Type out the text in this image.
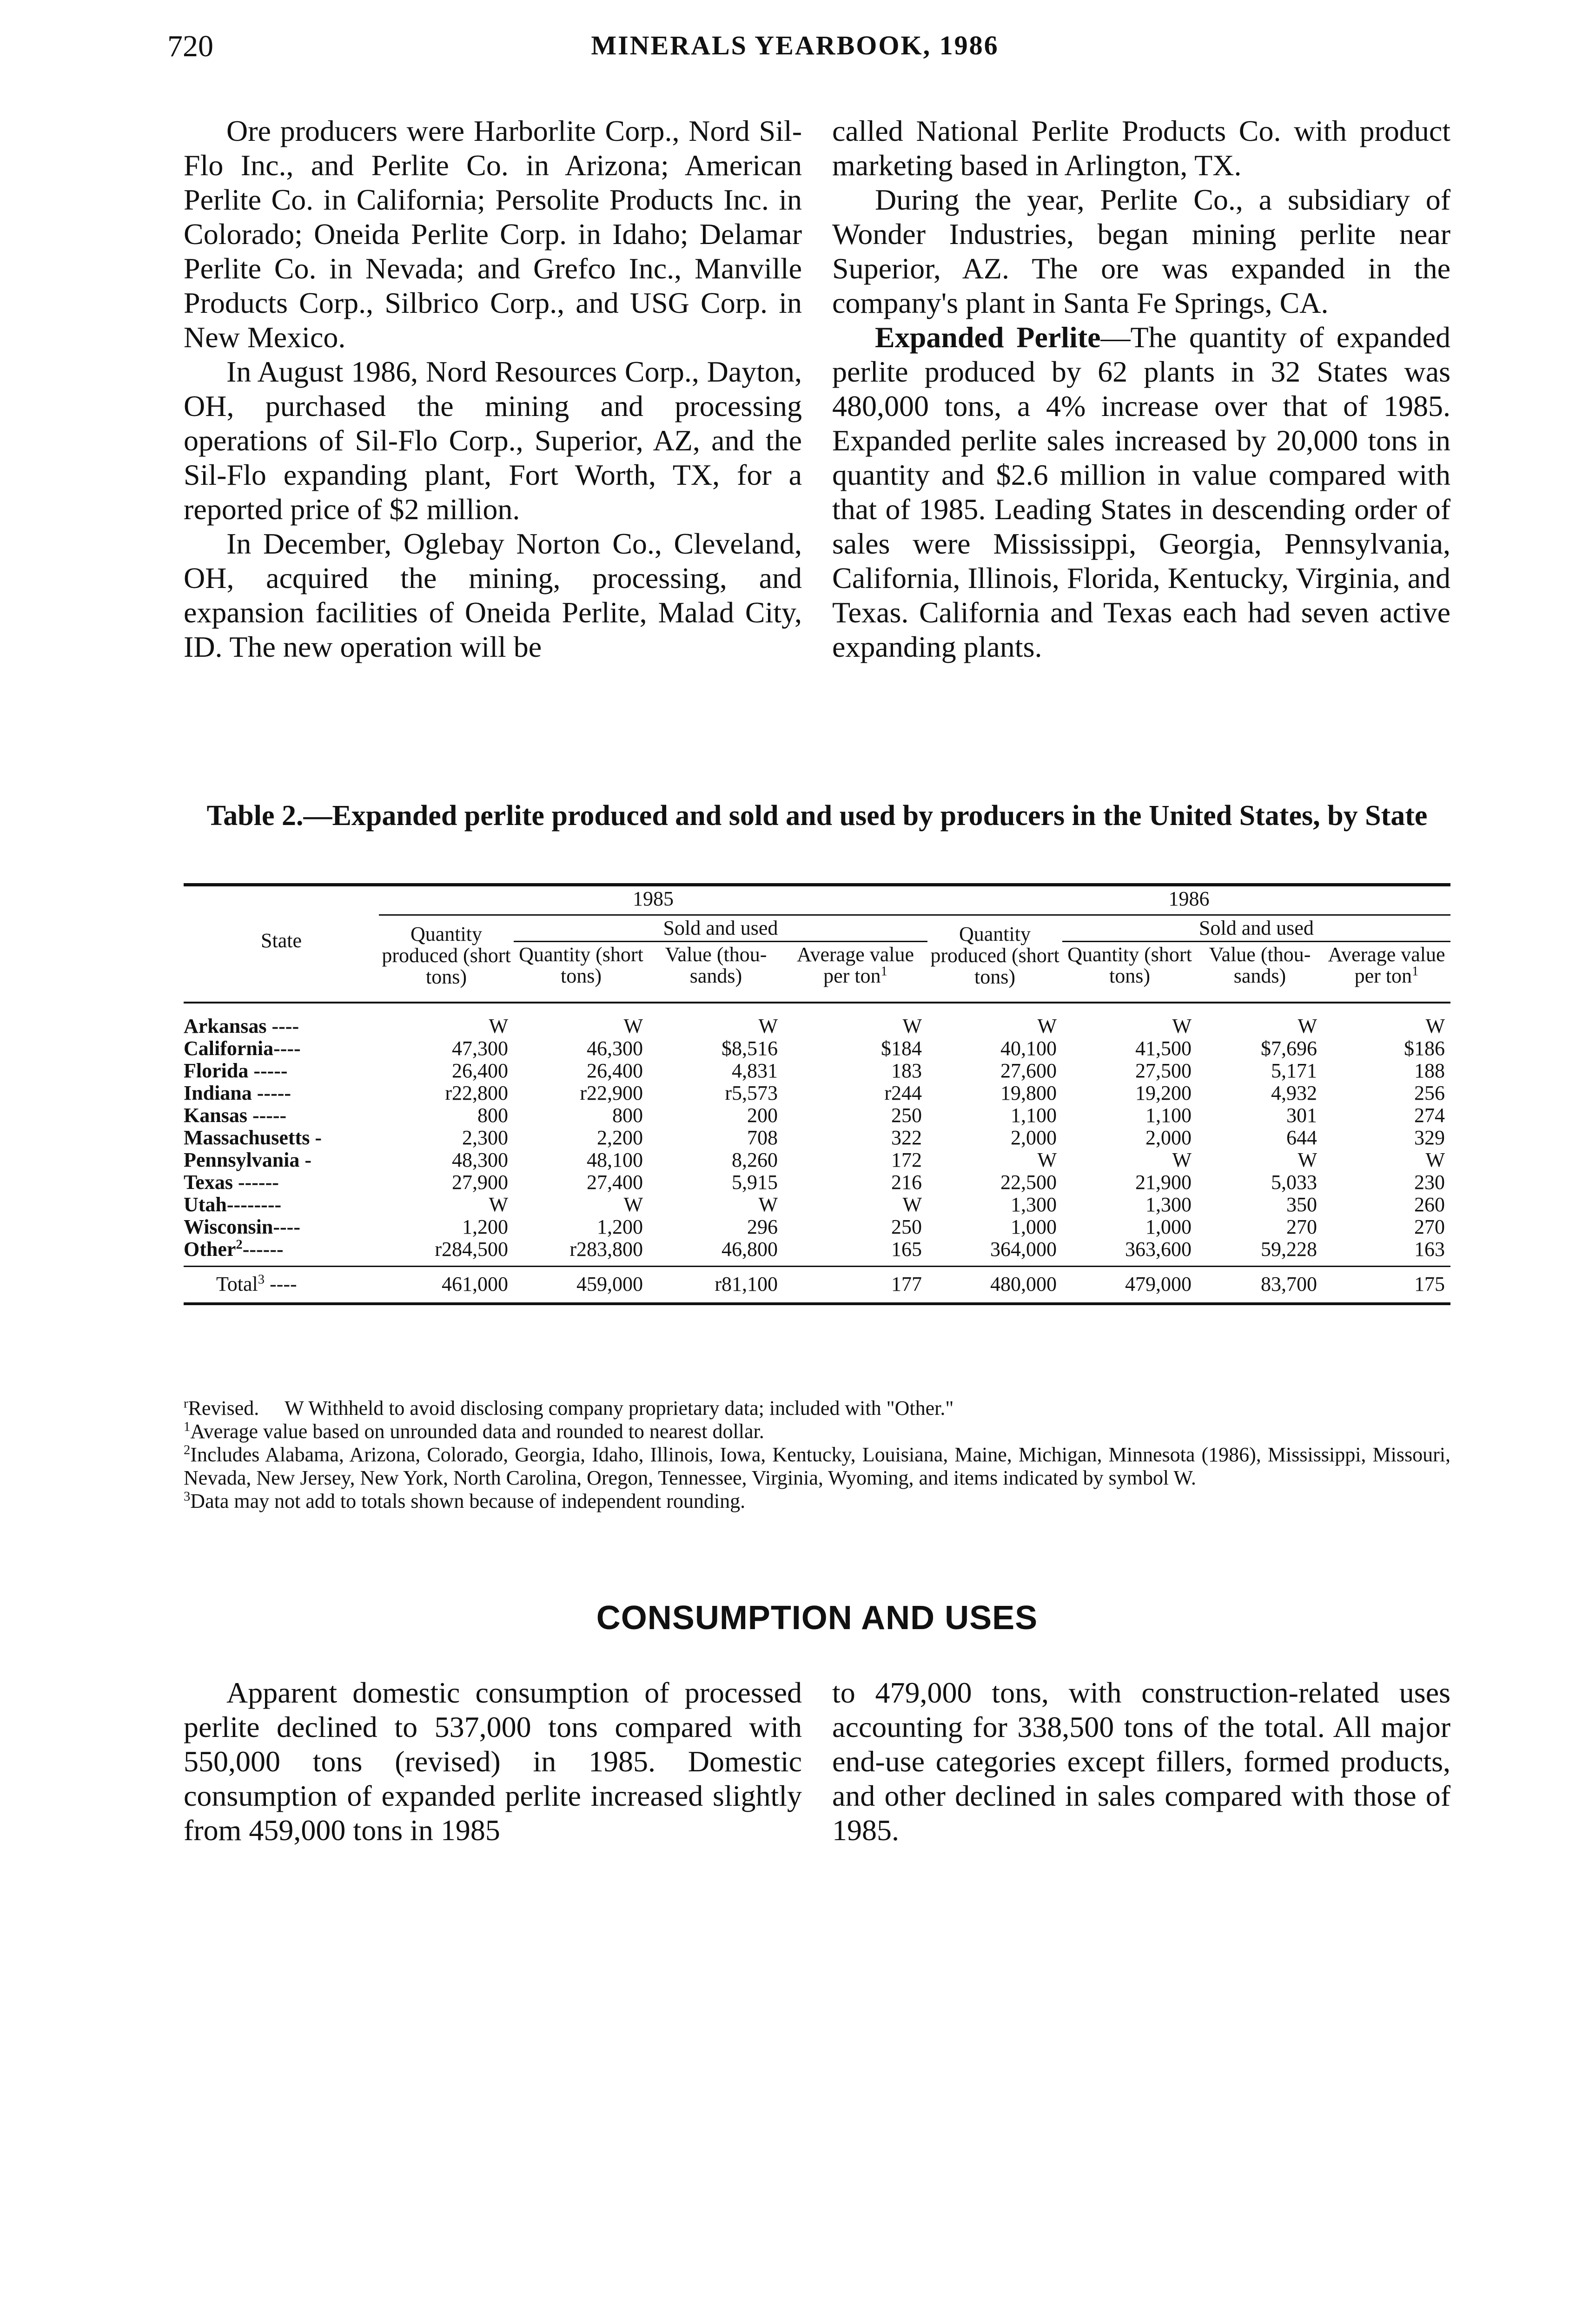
720	MINERALS YEARBOOK, 1986

Ore producers were Harborlite Corp., Nord Sil-Flo Inc., and Perlite Co. in Arizona; American Perlite Co. in California; Persolite Products Inc. in Colorado; Oneida Perlite Corp. in Idaho; Delamar Perlite Co. in Nevada; and Grefco Inc., Manville Products Corp., Silbrico Corp., and USG Corp. in New Mexico.

In August 1986, Nord Resources Corp., Dayton, OH, purchased the mining and processing operations of Sil-Flo Corp., Superior, AZ, and the Sil-Flo expanding plant, Fort Worth, TX, for a reported price of $2 million.

In December, Oglebay Norton Co., Cleveland, OH, acquired the mining, processing, and expansion facilities of Oneida Perlite, Malad City, ID. The new operation will be

called National Perlite Products Co. with product marketing based in Arlington, TX.

During the year, Perlite Co., a subsidiary of Wonder Industries, began mining perlite near Superior, AZ. The ore was expanded in the company's plant in Santa Fe Springs, CA.

Expanded Perlite—The quantity of expanded perlite produced by 62 plants in 32 States was 480,000 tons, a 4% increase over that of 1985. Expanded perlite sales increased by 20,000 tons in quantity and $2.6 million in value compared with that of 1985. Leading States in descending order of sales were Mississippi, Georgia, Pennsylvania, California, Illinois, Florida, Kentucky, Virginia, and Texas. California and Texas each had seven active expanding plants.

Table 2.—Expanded perlite produced and sold and used by producers in the United States, by State
State	1985				1986			
	Quantity produced (short tons)	Sold and used			Quantity produced (short tons)	Sold and used		
		Quantity (short tons)	Value (thou- sands)	Average value per ton$^1$		Quantity (short tons)	Value (thou- sands)	Average value per ton$^1$

Arkansas ----	W	W	W	W	W	W	W	W
California----	47,300	46,300	$8,516	$184	40,100	41,500	$7,696	$186
Florida -----	26,400	26,400	4,831	183	27,600	27,500	5,171	188
Indiana -----	r22,800	r22,900	r5,573	r244	19,800	19,200	4,932	256
Kansas -----	800	800	200	250	1,100	1,100	301	274
Massachusetts -	2,300	2,200	708	322	2,000	2,000	644	329
Pennsylvania -	48,300	48,100	8,260	172	W	W	W	W
Texas ------	27,900	27,400	5,915	216	22,500	21,900	5,033	230
Utah--------	W	W	W	W	1,300	1,300	350	260
Wisconsin----	1,200	1,200	296	250	1,000	1,000	270	270
Other$^2$------	r284,500	r283,800	46,800	165	364,000	363,600	59,228	163
Total$^3$ ----	461,000	459,000	r81,100	177	480,000	479,000	83,700	175

$^r$Revised. W Withheld to avoid disclosing company proprietary data; included with "Other."

$^1$Average value based on unrounded data and rounded to nearest dollar.

$^2$Includes Alabama, Arizona, Colorado, Georgia, Idaho, Illinois, Iowa, Kentucky, Louisiana, Maine, Michigan, Minnesota (1986), Mississippi, Missouri, Nevada, New Jersey, New York, North Carolina, Oregon, Tennessee, Virginia, Wyoming, and items indicated by symbol W.

$^3$Data may not add to totals shown because of independent rounding.

CONSUMPTION AND USES

Apparent domestic consumption of processed perlite declined to 537,000 tons compared with 550,000 tons (revised) in 1985. Domestic consumption of expanded perlite increased slightly from 459,000 tons in 1985

to 479,000 tons, with construction-related uses accounting for 338,500 tons of the total. All major end-use categories except fillers, formed products, and other declined in sales compared with those of 1985.
